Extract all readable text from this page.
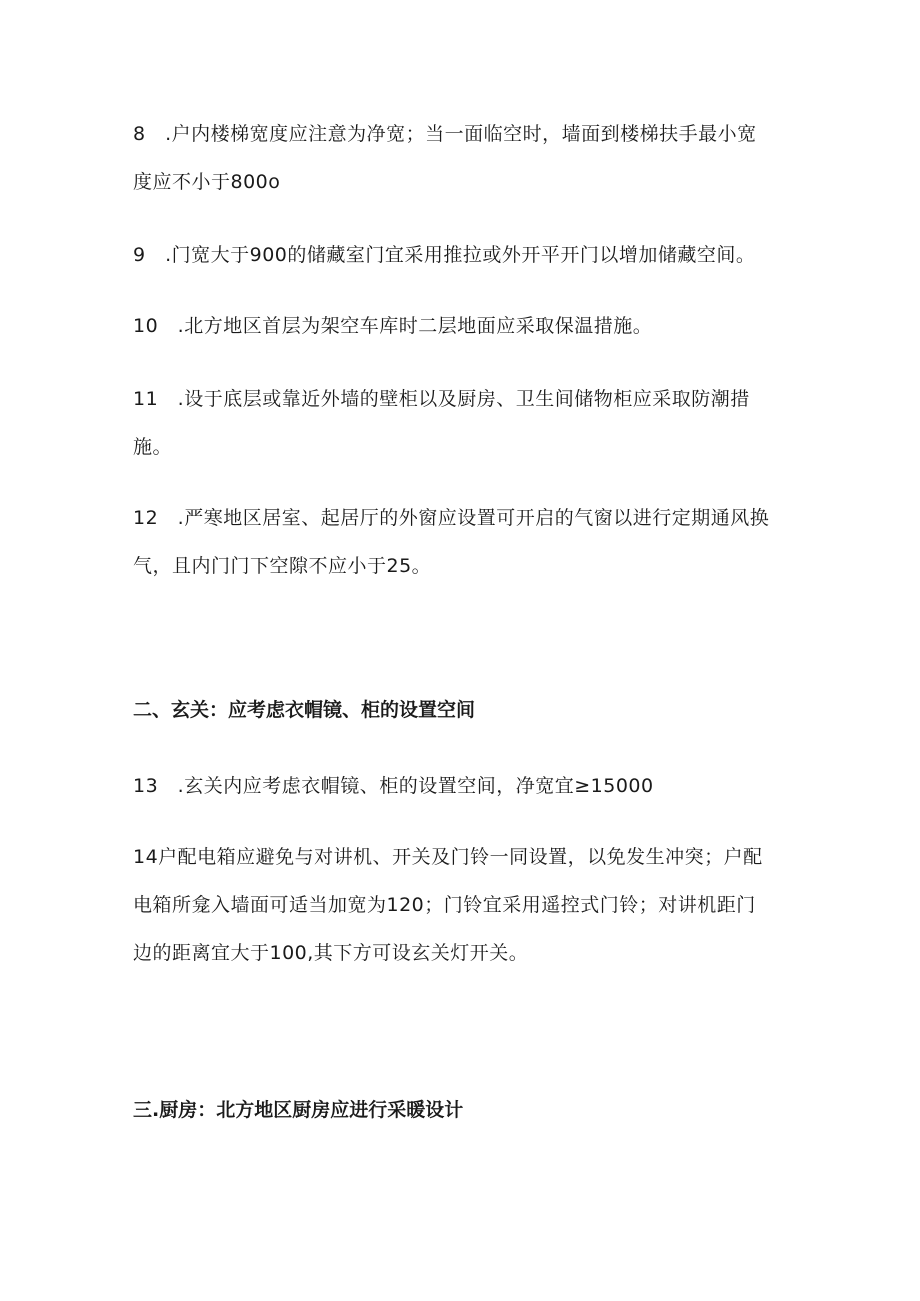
8　.户内楼梯宽度应注意为净宽；当一面临空时，墙面到楼梯扶手最小宽
度应不小于800o

9　.门宽大于900的储藏室门宜采用推拉或外开平开门以增加储藏空间。

10　.北方地区首层为架空车库时二层地面应采取保温措施。

11　.设于底层或靠近外墙的壁柜以及厨房、卫生间储物柜应采取防潮措
施。

12　.严寒地区居室、起居厅的外窗应设置可开启的气窗以进行定期通风换
气，且内门门下空隙不应小于25。

二、玄关：应考虑衣帽镜、柜的设置空间

13　.玄关内应考虑衣帽镜、柜的设置空间，净宽宜≥15000

14户配电箱应避免与对讲机、开关及门铃一同设置，以免发生冲突；户配
电箱所龛入墙面可适当加宽为120；门铃宜采用遥控式门铃；对讲机距门
边的距离宜大于100,其下方可设玄关灯开关。

三.厨房：北方地区厨房应进行采暖设计
